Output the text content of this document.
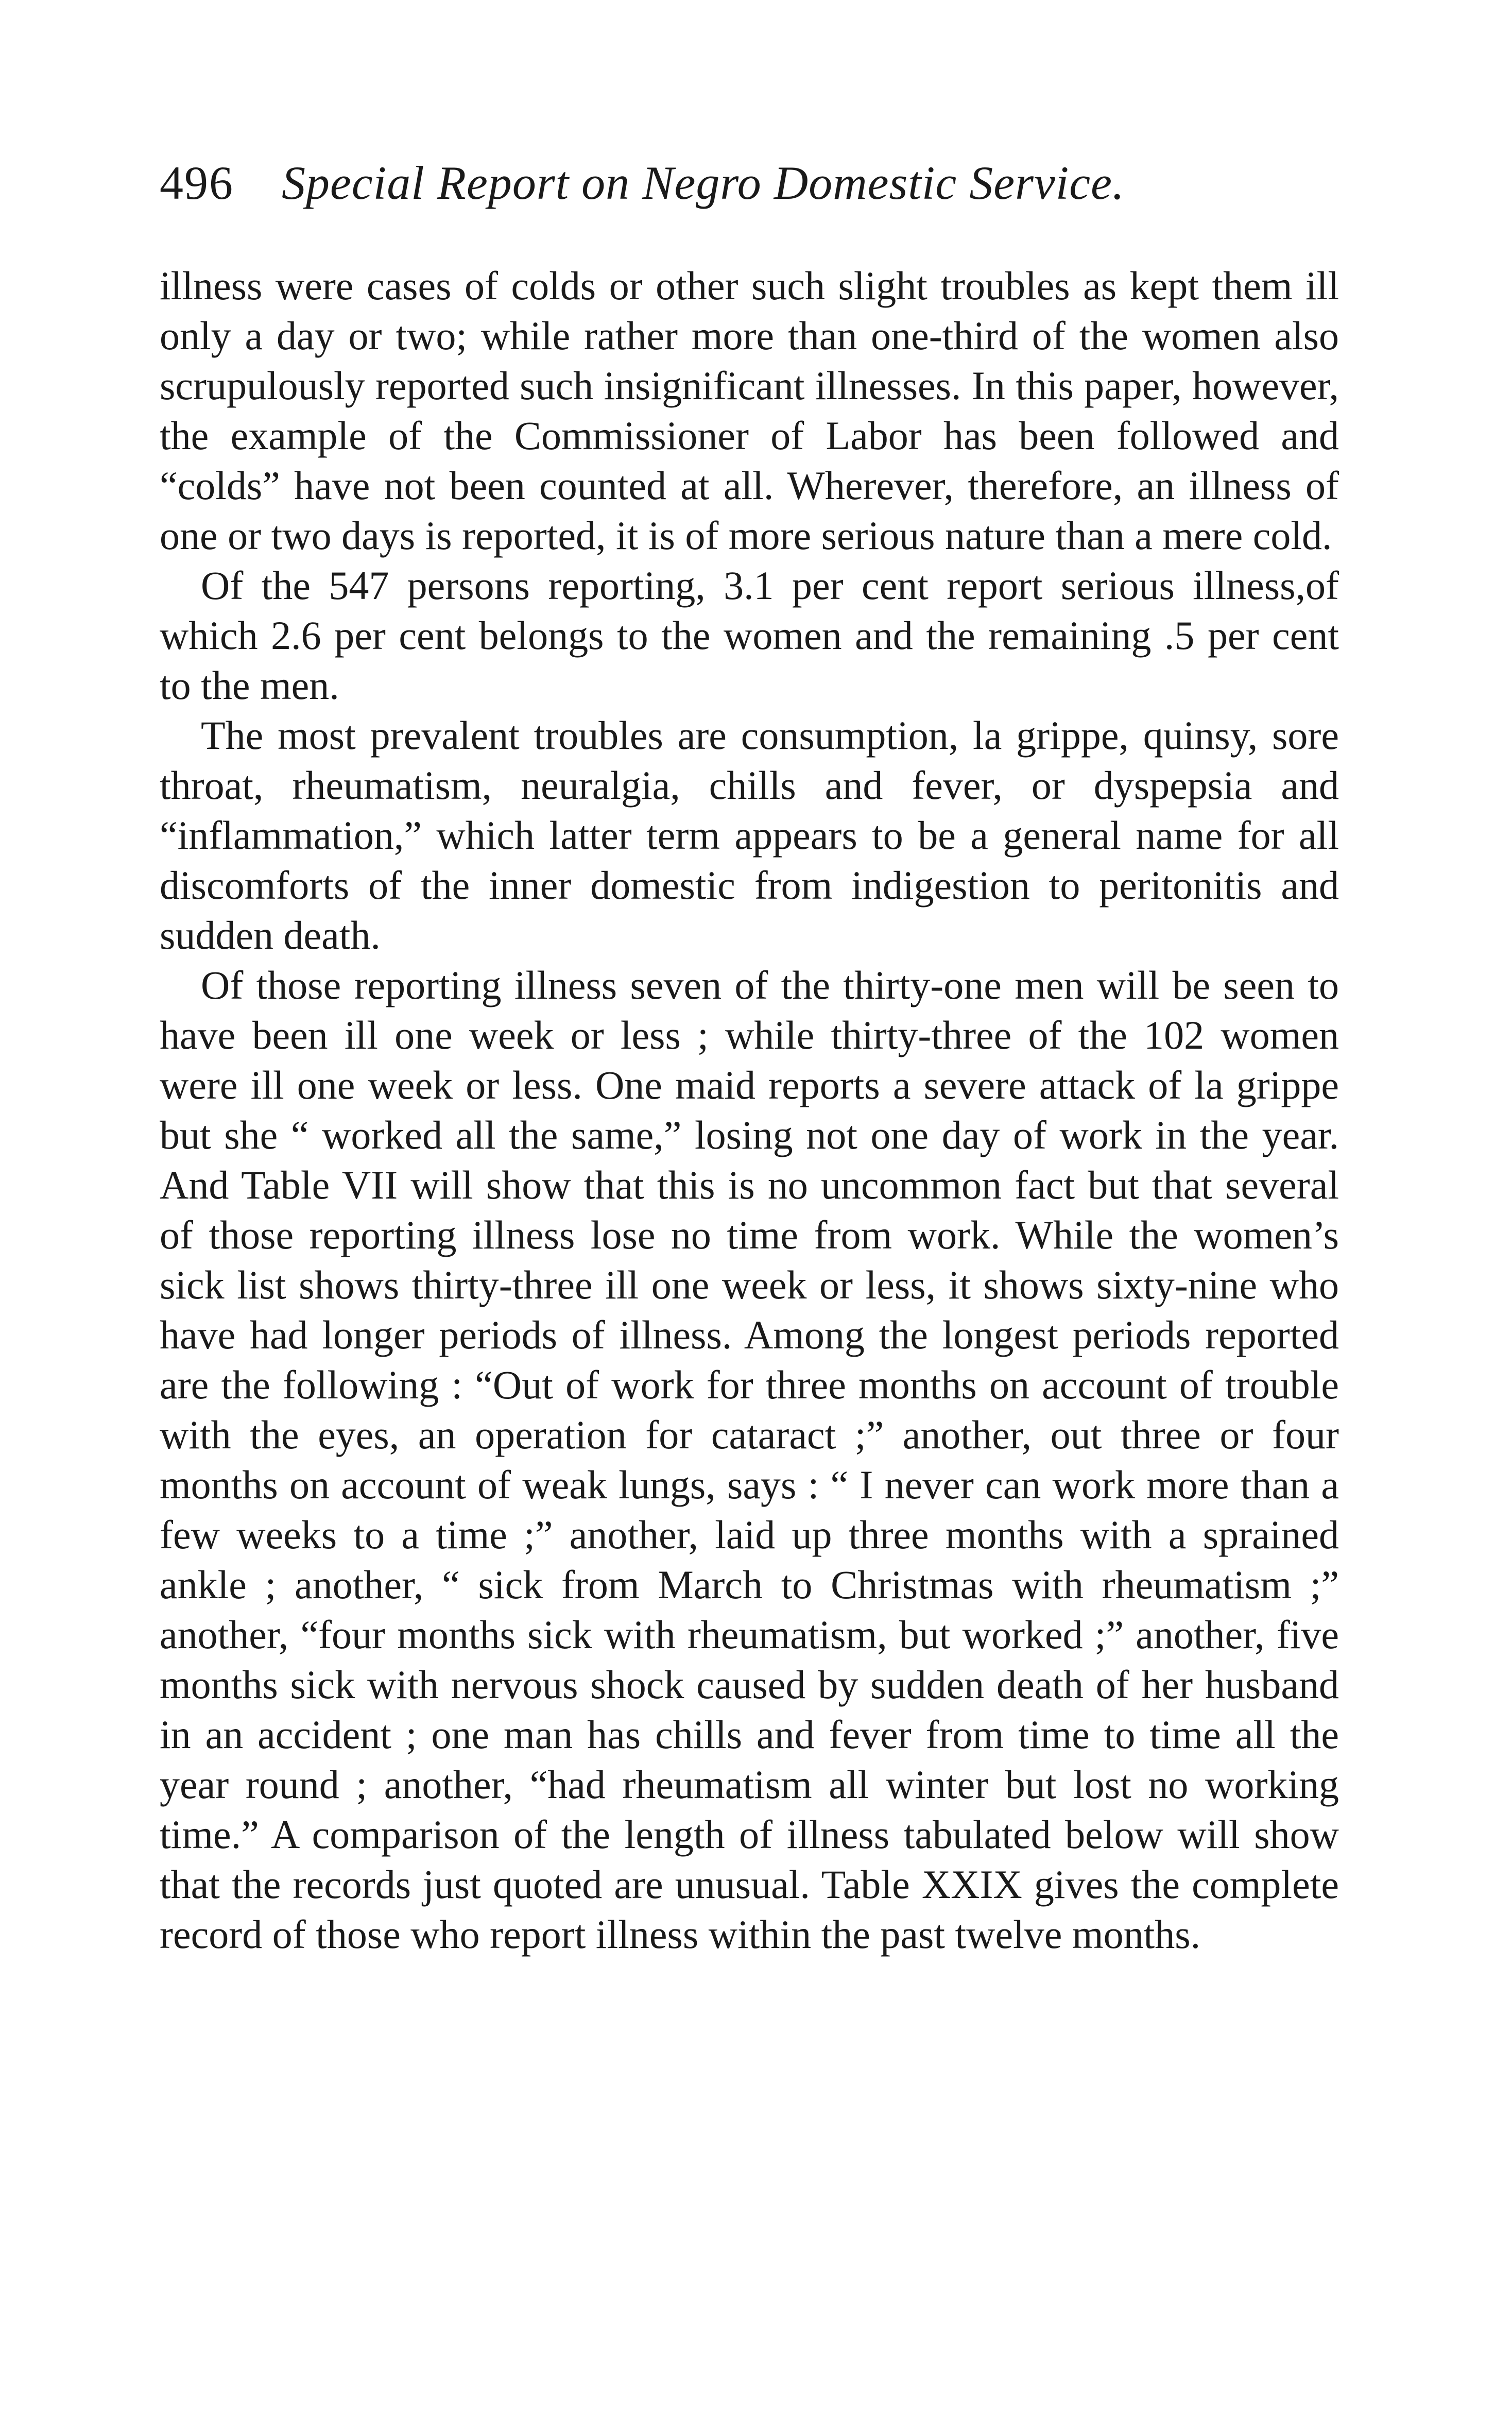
496 Special Report on Negro Domestic Service.

illness were cases of colds or other such slight troubles as kept them ill only a day or two; while rather more than one-third of the women also scrupulously reported such insignificant illnesses. In this paper, however, the example of the Commissioner of Labor has been followed and “colds” have not been counted at all. Wherever, therefore, an illness of one or two days is reported, it is of more serious nature than a mere cold.

Of the 547 persons reporting, 3.1 per cent report serious illness,of which 2.6 per cent belongs to the women and the remaining .5 per cent to the men.

The most prevalent troubles are consumption, la grippe, quinsy, sore throat, rheumatism, neuralgia, chills and fever, or dyspepsia and “inflammation,” which latter term appears to be a general name for all discomforts of the inner domestic from indigestion to peritonitis and sudden death.

Of those reporting illness seven of the thirty-one men will be seen to have been ill one week or less ; while thirty-three of the 102 women were ill one week or less. One maid reports a severe attack of la grippe but she “ worked all the same,” losing not one day of work in the year. And Table VII will show that this is no uncommon fact but that several of those reporting illness lose no time from work. While the women’s sick list shows thirty-three ill one week or less, it shows sixty-nine who have had longer periods of illness. Among the longest periods reported are the following : “Out of work for three months on account of trouble with the eyes, an operation for cataract ;” another, out three or four months on account of weak lungs, says : “ I never can work more than a few weeks to a time ;” another, laid up three months with a sprained ankle ; another, “ sick from March to Christmas with rheumatism ;” another, “four months sick with rheumatism, but worked ;” another, five months sick with nervous shock caused by sudden death of her husband in an accident ; one man has chills and fever from time to time all the year round ; another, “had rheumatism all winter but lost no working time.” A comparison of the length of illness tabulated below will show that the records just quoted are unusual. Table XXIX gives the complete record of those who report illness within the past twelve months.
